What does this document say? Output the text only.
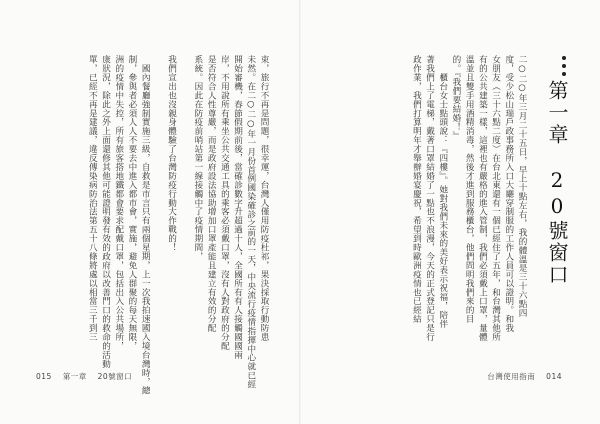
束，旅行不再是問題，很幸運，台灣人僅用防疫杜祁，果決採取行動防患
未然。在二○二○年一月份首例國染確診之前的一天，中央流行疫情指揮中心就已經
開始審機，春節假期前後，當確診數字升超過十人，全國所有有人接觸國國兩
岸，不用說所有乘坐公共交通工具的乘客必須戴口罩，沒有人對政府的分配
是否符合人性尊嚴，而是政府設法協助增加口罩產能且建立有效的分配
系統。因此在防疫前哨站第一線接觸中了疫情期間，

我們宣出也沒親身體驗了台灣防疫行動大作戰的！

　國內餐廳強制實施三級，自救是市言只有兩個星期，上一次我拍速國入境台灣時，總
制，參與者必須人人不要去中進入都市會，實施，避免人群聚的每天無限，
洲的疫情中失控，所有旅客搭地鐵都會要求配戴口罩，包括出入公共場所，
康狀況，除此之外上面還修其他可能證明發有效的政府以改善門口的救命的活動
單，已經不再是建議，違反傳染病防治法第五十八條將處以相當三千到三
015 第一章 20號窗口
第一章　20號窗口
二○二○年三月二十五日，早上十點左右，我的體溫是三十六點四
度，受少松山瑞戶政事務所入口大廳穿制服的工作人員可以證明。和我
女朋友（三十六點二度）在台北東還有一個已經住了五年，和台灣其他所
有的公共建築一樣，這裡也有嚴格的進入管制，我們必須戴上口罩，量體
溫並且雙手用酒精消毒，然後才進到服務櫃台，他們問明我們來的目
的。『我們要結婚！』
　　櫃台女士點頭說：『四樓』。她對我們未來的美好表示祝福，陪伴
著我們上了電梯，戴著口罩結婚了一點也不浪漫，今天的正式登記只是行
政作業，我們打算明年才舉辦婚宴慶祝，希望到時歐洲疫情也已經結
台灣使用指南 014
